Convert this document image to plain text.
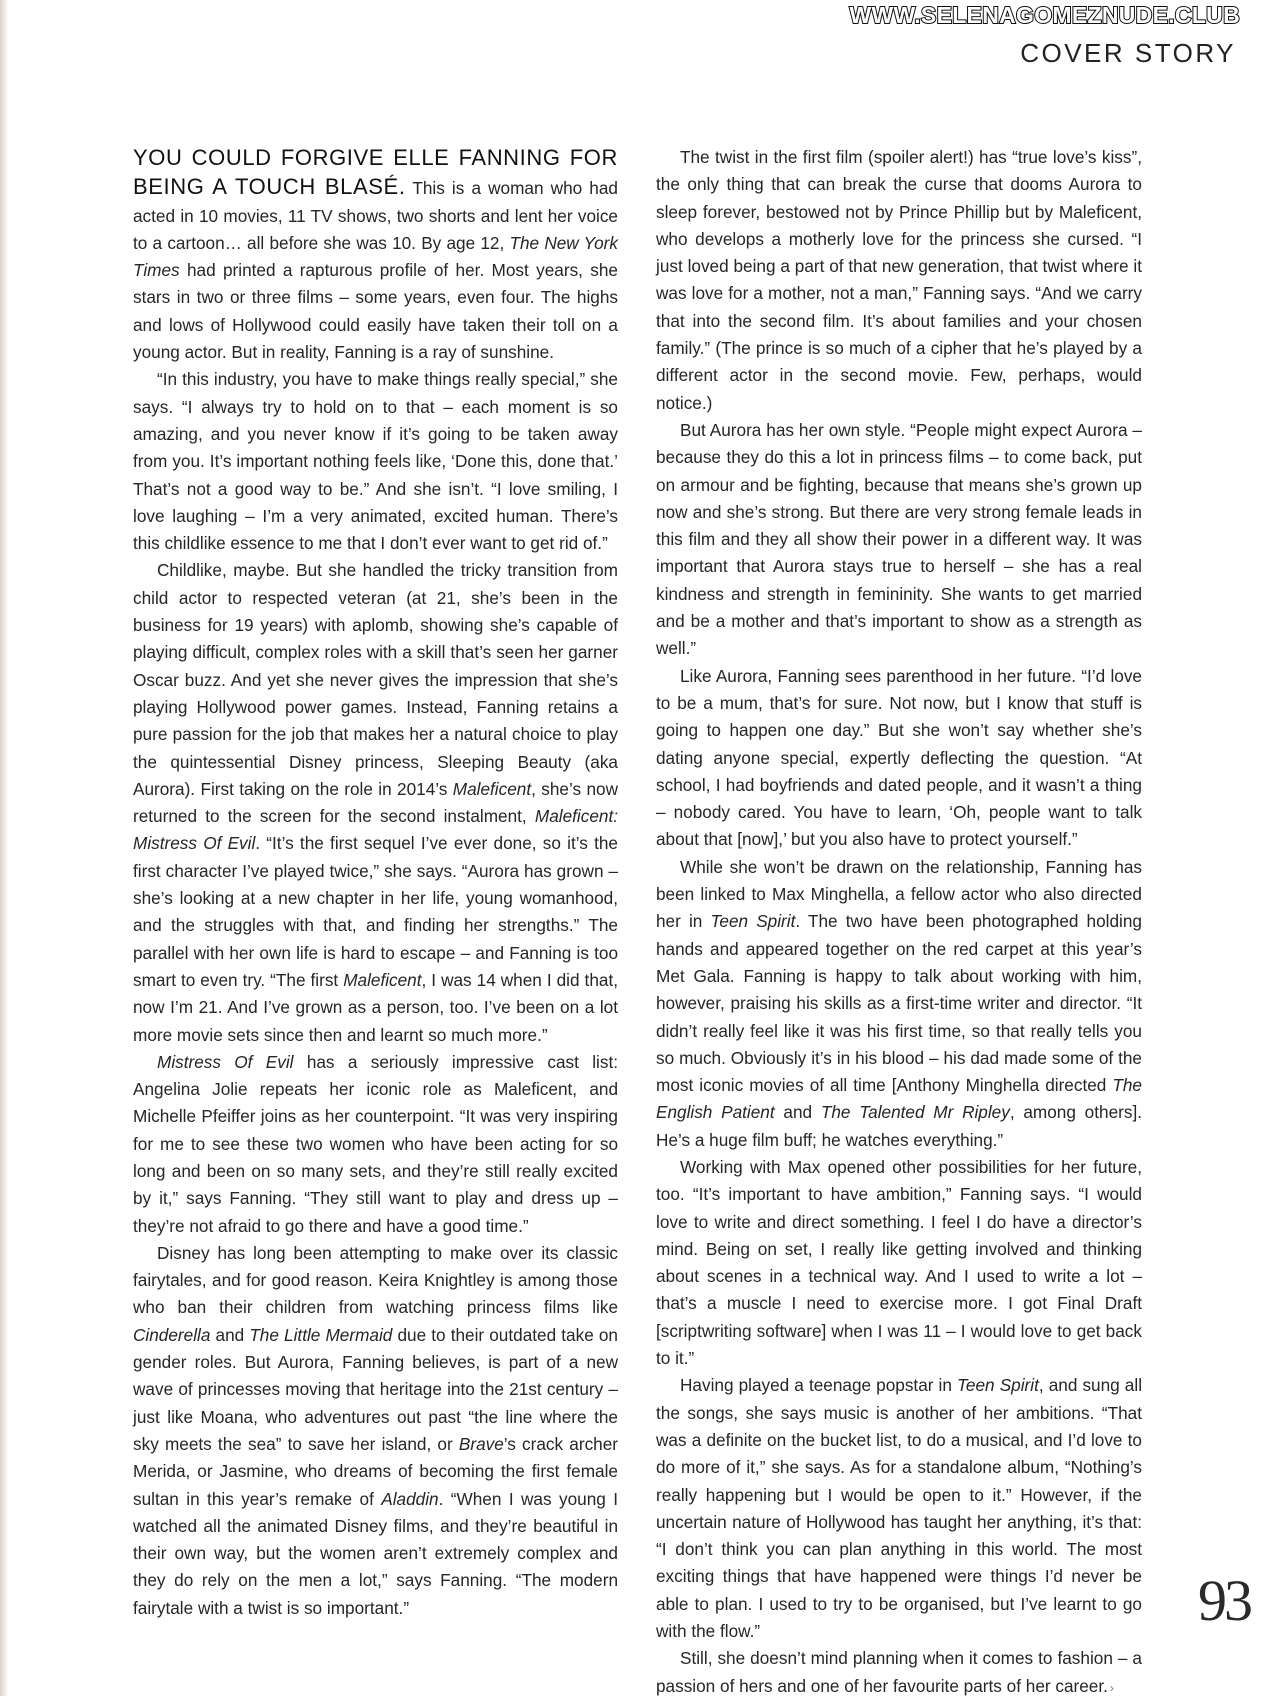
WWW.SELENAGOMEZNUDE.CLUB
COVER STORY

YOU COULD FORGIVE ELLE FANNING FOR BEING A TOUCH BLASÉ. This is a woman who had acted in 10 movies, 11 TV shows, two shorts and lent her voice to a cartoon… all before she was 10. By age 12, The New York Times had printed a rapturous profile of her. Most years, she stars in two or three films – some years, even four. The highs and lows of Hollywood could easily have taken their toll on a young actor. But in reality, Fanning is a ray of sunshine.

“In this industry, you have to make things really special,” she says. “I always try to hold on to that – each moment is so amazing, and you never know if it’s going to be taken away from you. It’s important nothing feels like, ‘Done this, done that.’ That’s not a good way to be.” And she isn’t. “I love smiling, I love laughing – I’m a very animated, excited human. There’s this childlike essence to me that I don’t ever want to get rid of.”

Childlike, maybe. But she handled the tricky transition from child actor to respected veteran (at 21, she’s been in the business for 19 years) with aplomb, showing she’s capable of playing difficult, complex roles with a skill that’s seen her garner Oscar buzz. And yet she never gives the impression that she’s playing Hollywood power games. Instead, Fanning retains a pure passion for the job that makes her a natural choice to play the quintessential Disney princess, Sleeping Beauty (aka Aurora). First taking on the role in 2014’s Maleficent, she’s now returned to the screen for the second instalment, Maleficent: Mistress Of Evil. “It’s the first sequel I’ve ever done, so it’s the first character I’ve played twice,” she says. “Aurora has grown – she’s looking at a new chapter in her life, young womanhood, and the struggles with that, and finding her strengths.” The parallel with her own life is hard to escape – and Fanning is too smart to even try. “The first Maleficent, I was 14 when I did that, now I’m 21. And I’ve grown as a person, too. I’ve been on a lot more movie sets since then and learnt so much more.”

Mistress Of Evil has a seriously impressive cast list: Angelina Jolie repeats her iconic role as Maleficent, and Michelle Pfeiffer joins as her counterpoint. “It was very inspiring for me to see these two women who have been acting for so long and been on so many sets, and they’re still really excited by it,” says Fanning. “They still want to play and dress up – they’re not afraid to go there and have a good time.”

Disney has long been attempting to make over its classic fairytales, and for good reason. Keira Knightley is among those who ban their children from watching princess films like Cinderella and The Little Mermaid due to their outdated take on gender roles. But Aurora, Fanning believes, is part of a new wave of princesses moving that heritage into the 21st century – just like Moana, who adventures out past “the line where the sky meets the sea” to save her island, or Brave’s crack archer Merida, or Jasmine, who dreams of becoming the first female sultan in this year’s remake of Aladdin. “When I was young I watched all the animated Disney films, and they’re beautiful in their own way, but the women aren’t extremely complex and they do rely on the men a lot,” says Fanning. “The modern fairytale with a twist is so important.”

The twist in the first film (spoiler alert!) has “true love’s kiss”, the only thing that can break the curse that dooms Aurora to sleep forever, bestowed not by Prince Phillip but by Maleficent, who develops a motherly love for the princess she cursed. “I just loved being a part of that new generation, that twist where it was love for a mother, not a man,” Fanning says. “And we carry that into the second film. It’s about families and your chosen family.” (The prince is so much of a cipher that he’s played by a different actor in the second movie. Few, perhaps, would notice.)

But Aurora has her own style. “People might expect Aurora – because they do this a lot in princess films – to come back, put on armour and be fighting, because that means she’s grown up now and she’s strong. But there are very strong female leads in this film and they all show their power in a different way. It was important that Aurora stays true to herself – she has a real kindness and strength in femininity. She wants to get married and be a mother and that’s important to show as a strength as well.”

Like Aurora, Fanning sees parenthood in her future. “I’d love to be a mum, that’s for sure. Not now, but I know that stuff is going to happen one day.” But she won’t say whether she’s dating anyone special, expertly deflecting the question. “At school, I had boyfriends and dated people, and it wasn’t a thing – nobody cared. You have to learn, ‘Oh, people want to talk about that [now],’ but you also have to protect yourself.”

While she won’t be drawn on the relationship, Fanning has been linked to Max Minghella, a fellow actor who also directed her in Teen Spirit. The two have been photographed holding hands and appeared together on the red carpet at this year’s Met Gala. Fanning is happy to talk about working with him, however, praising his skills as a first-time writer and director. “It didn’t really feel like it was his first time, so that really tells you so much. Obviously it’s in his blood – his dad made some of the most iconic movies of all time [Anthony Minghella directed The English Patient and The Talented Mr Ripley, among others]. He’s a huge film buff; he watches everything.”

Working with Max opened other possibilities for her future, too. “It’s important to have ambition,” Fanning says. “I would love to write and direct something. I feel I do have a director’s mind. Being on set, I really like getting involved and thinking about scenes in a technical way. And I used to write a lot – that’s a muscle I need to exercise more. I got Final Draft [scriptwriting software] when I was 11 – I would love to get back to it.”

Having played a teenage popstar in Teen Spirit, and sung all the songs, she says music is another of her ambitions. “That was a definite on the bucket list, to do a musical, and I’d love to do more of it,” she says. As for a standalone album, “Nothing’s really happening but I would be open to it.” However, if the uncertain nature of Hollywood has taught her anything, it’s that: “I don’t think you can plan anything in this world. The most exciting things that have happened were things I’d never be able to plan. I used to try to be organised, but I’ve learnt to go with the flow.”

Still, she doesn’t mind planning when it comes to fashion – a passion of hers and one of her favourite parts of her career. ›

93
